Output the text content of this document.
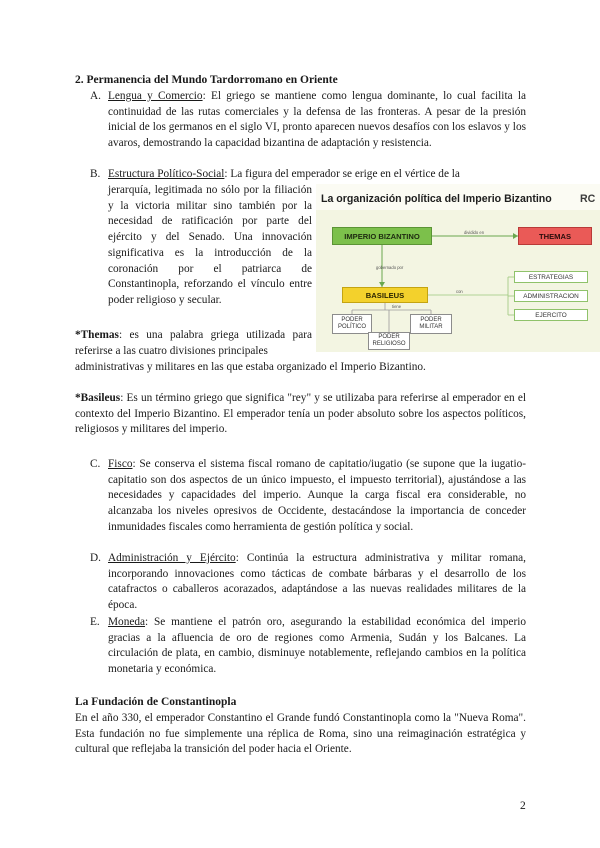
2. Permanencia del Mundo Tardorromano en Oriente

A. Lengua y Comercio: El griego se mantiene como lengua dominante, lo cual facilita la continuidad de las rutas comerciales y la defensa de las fronteras. A pesar de la presión inicial de los germanos en el siglo VI, pronto aparecen nuevos desafíos con los eslavos y los avaros, demostrando la capacidad bizantina de adaptación y resistencia.

B. Estructura Político-Social: La figura del emperador se erige en el vértice de la

jerarquía, legitimada no sólo por la filiación y la victoria militar sino también por la necesidad de ratificación por parte del ejército y del Senado. Una innovación significativa es la introducción de la coronación por el patriarca de Constantinopla, reforzando el vínculo entre poder religioso y secular.

La organización política del Imperio Bizantino	RC
dividido en
gobernado por
con
tiene
IMPERIO BIZANTINO	THEMAS
BASILEUS
ESTRATEGIAS
ADMINISTRACION
EJERCITO
PODER
POLÍTICO
PODER
MILITAR
PODER
RELIGIOSO

*Themas: es una palabra griega utilizada para referirse a las cuatro divisiones principales

administrativas y militares en las que estaba organizado el Imperio Bizantino.

*Basileus: Es un término griego que significa "rey" y se utilizaba para referirse al emperador en el contexto del Imperio Bizantino. El emperador tenía un poder absoluto sobre los aspectos políticos, religiosos y militares del imperio.

C. Fisco: Se conserva el sistema fiscal romano de capitatio/iugatio (se supone que la iugatio-capitatio son dos aspectos de un único impuesto, el impuesto territorial), ajustándose a las necesidades y capacidades del imperio. Aunque la carga fiscal era considerable, no alcanzaba los niveles opresivos de Occidente, destacándose la importancia de conceder inmunidades fiscales como herramienta de gestión política y social.

D. Administración y Ejército: Continúa la estructura administrativa y militar romana, incorporando innovaciones como tácticas de combate bárbaras y el desarrollo de los catafractos o caballeros acorazados, adaptándose a las nuevas realidades militares de la época.

E. Moneda: Se mantiene el patrón oro, asegurando la estabilidad económica del imperio gracias a la afluencia de oro de regiones como Armenia, Sudán y los Balcanes. La circulación de plata, en cambio, disminuye notablemente, reflejando cambios en la política monetaria y económica.

La Fundación de Constantinopla

En el año 330, el emperador Constantino el Grande fundó Constantinopla como la "Nueva Roma". Esta fundación no fue simplemente una réplica de Roma, sino una reimaginación estratégica y cultural que reflejaba la transición del poder hacia el Oriente.

2
